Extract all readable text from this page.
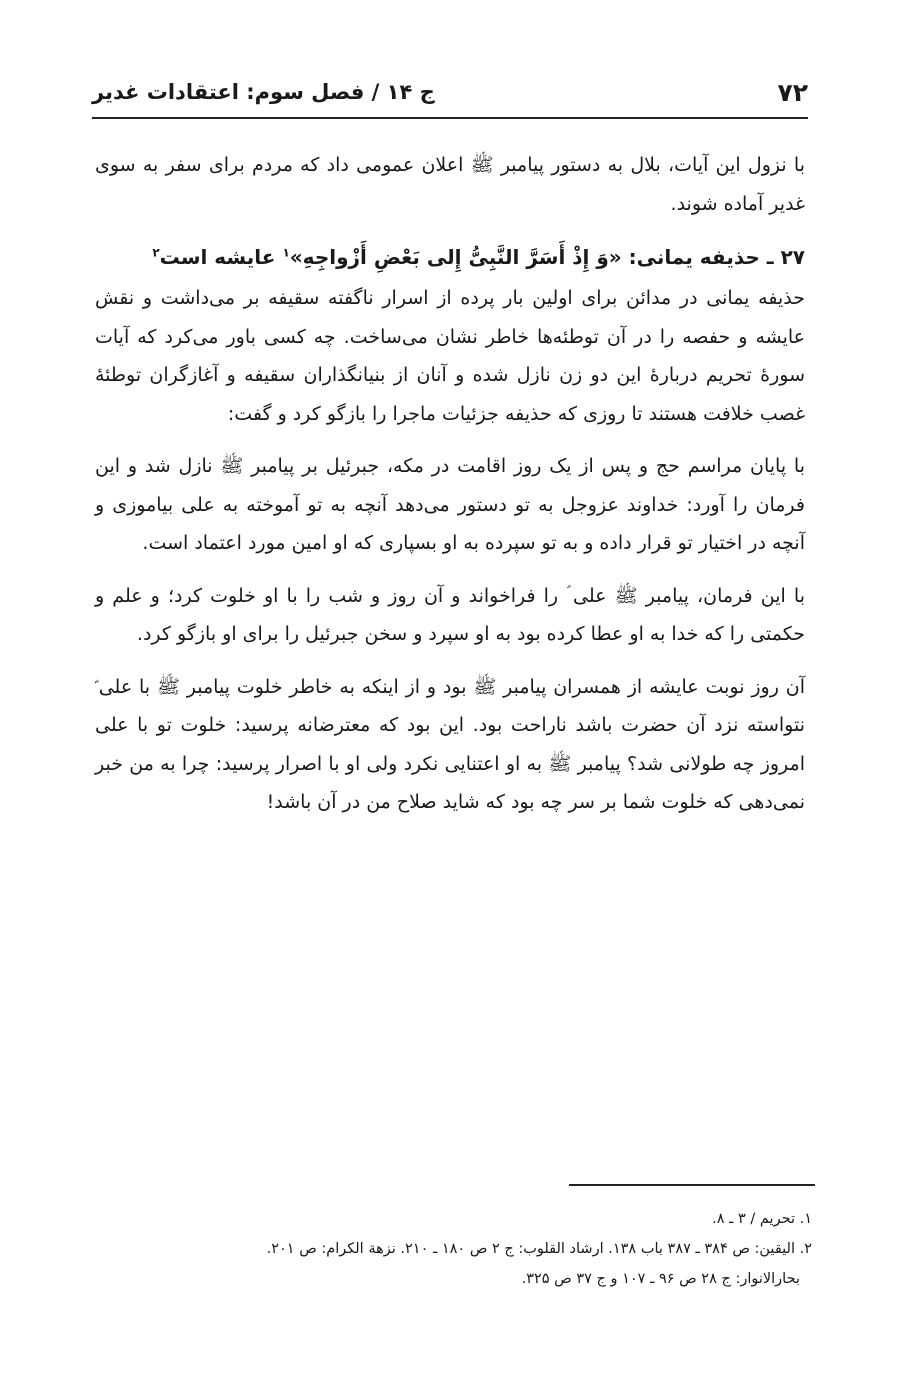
۷۲
ج ۱۴ / فصل سوم: اعتقادات غدیر

با نزول این آیات، بلال به دستور پیامبر ﷺ اعلان عمومی داد که مردم برای سفر به سوی غدیر آماده شوند.

۲۷ ـ حذیفه یمانی: «وَ إِذْ أَسَرَّ النَّبِیُّ إِلی بَعْضِ أَزْواجِهِ»$^۱$ عایشه است$^۲$

حذیفه یمانی در مدائن برای اولین بار پرده از اسرار ناگفته سقیفه بر می‌داشت و نقش عایشه و حفصه را در آن توطئه‌ها خاطر نشان می‌ساخت. چه کسی باور می‌کرد که آیات سورهٔ تحریم دربارهٔ این دو زن نازل شده و آنان از بنیانگذاران سقیفه و آغازگران توطئهٔ غصب خلافت هستند تا روزی که حذیفه جزئیات ماجرا را بازگو کرد و گفت:

با پایان مراسم حج و پس از یک روز اقامت در مکه، جبرئیل بر پیامبر ﷺ نازل شد و این فرمان را آورد: خداوند عزوجل به تو دستور می‌دهد آنچه به تو آموخته به علی بیاموزی و آنچه در اختیار تو قرار داده و به تو سپرده به او بسپاری که او امین مورد اعتماد است.

با این فرمان، پیامبر ﷺ علی ؑ را فراخواند و آن روز و شب را با او خلوت کرد؛ و علم و حکمتی را که خدا به او عطا کرده بود به او سپرد و سخن جبرئیل را برای او بازگو کرد.

آن روز نوبت عایشه از همسران پیامبر ﷺ بود و از اینکه به خاطر خلوت پیامبر ﷺ با علی ؑ نتواسته نزد آن حضرت باشد ناراحت بود. این بود که معترضانه پرسید: خلوت تو با علی امروز چه طولانی شد؟ پیامبر ﷺ به او اعتنایی نکرد ولی او با اصرار پرسید: چرا به من خبر نمی‌دهی که خلوت شما بر سر چه بود که شاید صلاح من در آن باشد!

۱. تحریم / ۳ ـ ۸.

۲. الیقین: ص ۳۸۴ ـ ۳۸۷ باب ۱۳۸. ارشاد القلوب: ج ۲ ص ۱۸۰ ـ ۲۱۰. نزهة الکرام: ص ۲۰۱.

بحارالانوار: ج ۲۸ ص ۹۶ ـ ۱۰۷ و ج ۳۷ ص ۳۲۵.
